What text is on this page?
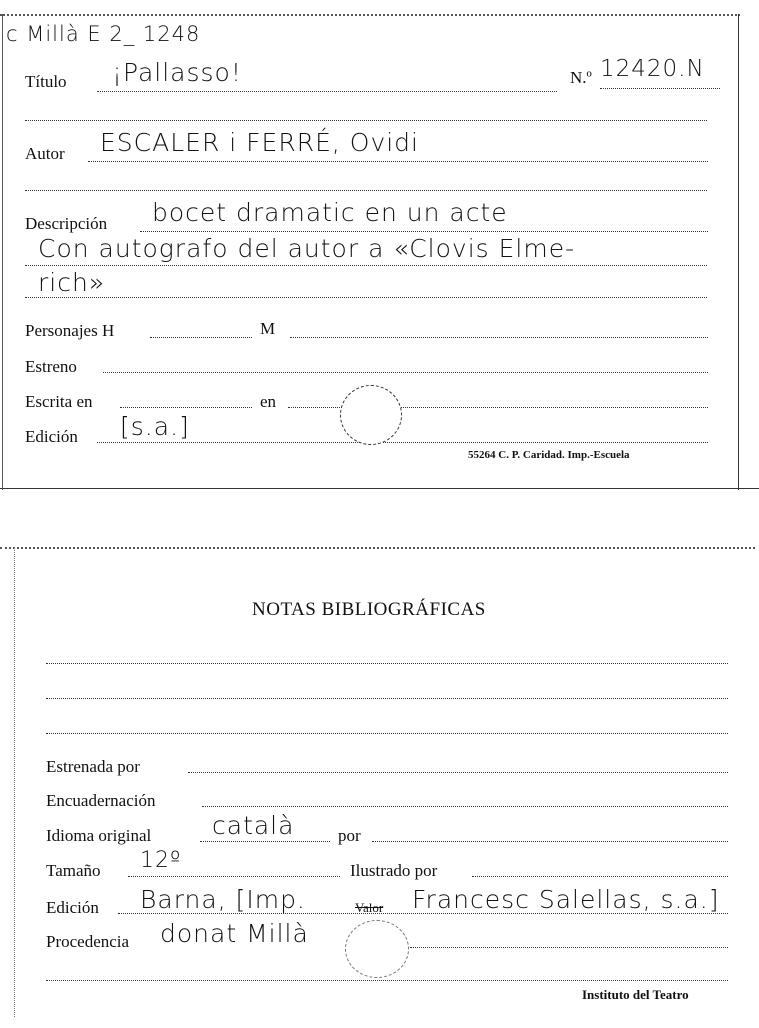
c Millà E 2_ 1248
Título ¡Pallasso!	N.º 12420.N
Autor ESCALER i FERRÉ, Ovidi
Descripción bocet dramatic en un acte
Con autografo del autor a «Clovis Elme-
rich»
Personajes H	M
Estreno
Escrita en	en
Edición [s.a.]
55264 C. P. Caridad. Imp.-Escuela
NOTAS BIBLIOGRÁFICAS
Estrenada por
Encuadernación
Idioma original català	por
Tamaño 12º	Ilustrado por
Edición Barna, [Imp.	Valor Francesc Salellas, s.a.]
Procedencia donat Millà
Instituto del Teatro
